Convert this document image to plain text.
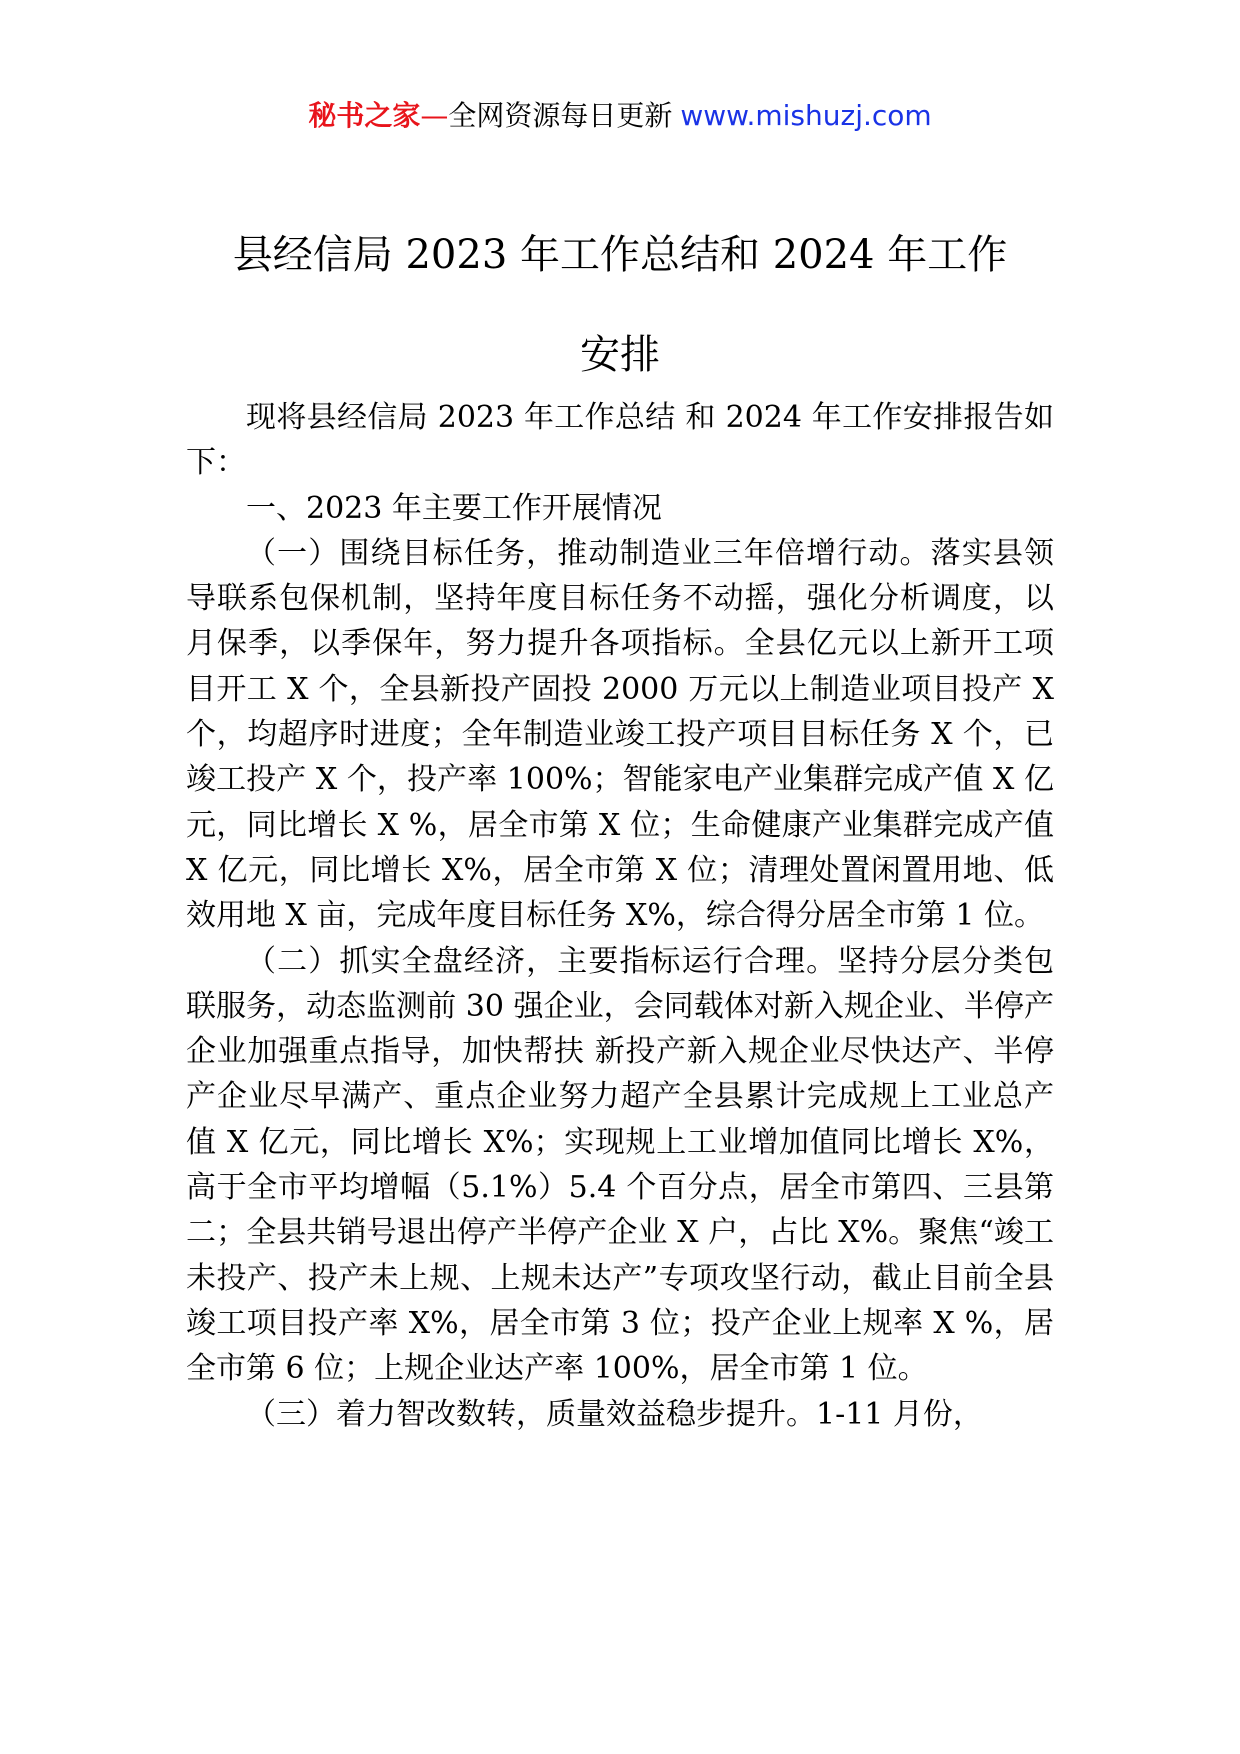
秘书之家—全网资源每日更新 www.mishuzj.com
县经信局 2023 年工作总结和 2024 年工作
安排

现将县经信局 2023 年工作总结 和 2024 年工作安排报告如下：

一、2023 年主要工作开展情况

（一）围绕目标任务，推动制造业三年倍增行动。落实县领导联系包保机制，坚持年度目标任务不动摇，强化分析调度，以月保季，以季保年，努力提升各项指标。全县亿元以上新开工项目开工 X 个，全县新投产固投 2000 万元以上制造业项目投产 X 个，均超序时进度；全年制造业竣工投产项目目标任务 X 个，已竣工投产 X 个，投产率 100%；智能家电产业集群完成产值 X 亿元，同比增长 X %，居全市第 X 位；生命健康产业集群完成产值 X 亿元，同比增长 X%，居全市第 X 位；清理处置闲置用地、低效用地 X 亩，完成年度目标任务 X%，综合得分居全市第 1 位。

（二）抓实全盘经济，主要指标运行合理。坚持分层分类包联服务，动态监测前 30 强企业，会同载体对新入规企业、半停产企业加强重点指导，加快帮扶 新投产新入规企业尽快达产、半停产企业尽早满产、重点企业努力超产全县累计完成规上工业总产值 X 亿元，同比增长 X%；实现规上工业增加值同比增长 X%，高于全市平均增幅（5.1%）5.4 个百分点，居全市第四、三县第二；全县共销号退出停产半停产企业 X 户，占比 X%。聚焦“竣工未投产、投产未上规、上规未达产”专项攻坚行动，截止目前全县竣工项目投产率 X%，居全市第 3 位；投产企业上规率 X %，居全市第 6 位；上规企业达产率 100%，居全市第 1 位。

（三）着力智改数转，质量效益稳步提升。1-11 月份，
